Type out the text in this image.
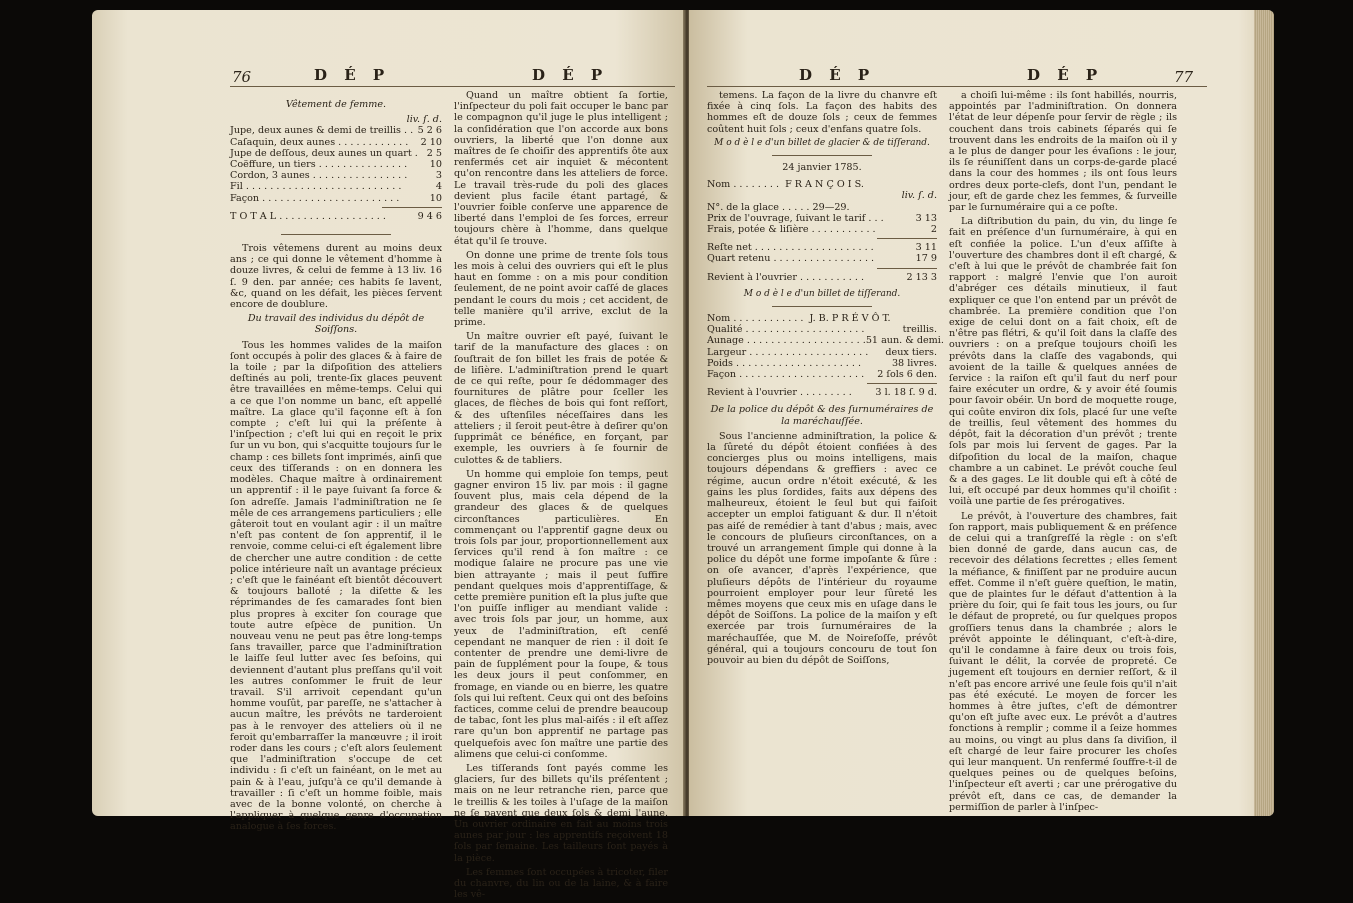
76	D É P	D É P
Vêtement de femme.
liv. ſ. d.
Jupe, deux aunes & demi de treillis . . 5 2 6
Caſaquin, deux aunes . . . . . . . . . . . .	2 10
Jupe de deſſous, deux aunes un quart . 2 5
Coëffure, un tiers . . . . . . . . . . . . . . .	10
Cordon, 3 aunes . . . . . . . . . . . . . . . .	3
Fil . . . . . . . . . . . . . . . . . . . . . . . . . .	4
Façon . . . . . . . . . . . . . . . . . . . . . . .	10
T O T A L . . . . . . . . . . . . . . . . . .	9 4 6

Trois vêtemens durent au moins deux ans ; ce qui donne le vêtement d'homme à douze livres, & celui de femme à 13 liv. 16 ſ. 9 den. par année; ces habits ſe lavent, &c, quand on les défait, les pièces ſervent encore de doublure.

Du travail des individus du dépôt de Soiſſons.

Tous les hommes valides de la maiſon ſont occupés à polir des glaces & à faire de la toile ; par la diſpoſition des atteliers deſtinés au poli, trente-ſix glaces peuvent être travaillées en même-temps. Celui qui a ce que l'on nomme un banc, eſt appellé maître. La glace qu'il façonne eſt à ſon compte ; c'eſt lui qui la préſente à l'inſpection ; c'eſt lui qui en reçoit le prix ſur un vu bon, qui s'acquitte toujours ſur le champ : ces billets ſont imprimés, ainſi que ceux des tiſſerands : on en donnera les modèles. Chaque maître à ordinairement un apprentif : il le paye ſuivant ſa force & ſon adreſſe. Jamais l'adminiſtration ne ſe mêle de ces arrangemens particuliers ; elle gâteroit tout en voulant agir : il un maître n'eſt pas content de ſon apprentif, il le renvoie, comme celui-ci eſt également libre de chercher une autre condition : de cette police intérieure naît un avantage précieux ; c'eſt que le fainéant eſt bientôt découvert & toujours balloté ; la diſette & les réprimandes de ſes camarades ſont bien plus propres à exciter ſon courage que toute autre eſpèce de punition. Un nouveau venu ne peut pas être long-temps ſans travailler, parce que l'adminiſtration le laiſſe ſeul lutter avec ſes beſoins, qui deviennent d'autant plus preſſans qu'il voit les autres conſommer le fruit de leur travail. S'il arrivoit cependant qu'un homme vouſût, par pareſſe, ne s'attacher à aucun maître, les prévôts ne tarderoient pas à le renvoyer des atteliers où il ne feroit qu'embarraſſer la manœuvre ; il iroit roder dans les cours ; c'eſt alors ſeulement que l'adminiſtration s'occupe de cet individu : ſi c'eſt un fainéant, on le met au pain & à l'eau, juſqu'à ce qu'il demande à travailler : ſi c'eſt un homme foible, mais avec de la bonne volonté, on cherche à l'appliquer à quelque genre d'occupation analogue à ſes forces.

Quand un maître obtient ſa ſortie, l'inſpecteur du poli fait occuper le banc par le compagnon qu'il juge le plus intelligent ; la conſidération que l'on accorde aux bons ouvriers, la liberté que l'on donne aux maîtres de ſe choiſir des apprentifs ôte aux renfermés cet air inquiet & mécontent qu'on rencontre dans les atteliers de force. Le travail très-rude du poli des glaces devient plus facile étant partagé, & l'ouvrier foible conſerve une apparence de liberté dans l'emploi de ſes forces, erreur toujours chère à l'homme, dans quelque état qu'il ſe trouve.

On donne une prime de trente ſols tous les mois à celui des ouvriers qui eſt le plus haut en ſomme : on a mis pour condition ſeulement, de ne point avoir caſſé de glaces pendant le cours du mois ; cet accident, de telle manière qu'il arrive, exclut de la prime.

Un maître ouvrier eſt payé, ſuivant le tarif de la manufacture des glaces : on ſouſtrait de ſon billet les frais de potée & de liſière. L'adminiſtration prend le quart de ce qui reſte, pour ſe dédommager des fournitures de plâtre pour ſceller les glaces, de flèches de bois qui font reſſort, & des uſtenſiles néceſſaires dans les atteliers ; il ſeroit peut-être à deſirer qu'on ſupprimât ce bénéfice, en forçant, par exemple, les ouvriers à ſe fournir de culottes & de tabliers.

Un homme qui emploie ſon temps, peut gagner environ 15 liv. par mois : il gagne ſouvent plus, mais cela dépend de la grandeur des glaces & de quelques circonſtances particulières. En commençant ou l'apprentif gagne deux ou trois ſols par jour, proportionnellement aux ſervices qu'il rend à ſon maître : ce modique ſalaire ne procure pas une vie bien attrayante ; mais il peut ſuffire pendant quelques mois d'apprentiſſage, & cette première punition eſt la plus juſte que l'on puiſſe infliger au mendiant valide : avec trois ſols par jour, un homme, aux yeux de l'adminiſtration, eſt cenſé cependant ne manquer de rien : il doit ſe contenter de prendre une demi-livre de pain de ſupplément pour la ſoupe, & tous les deux jours il peut conſommer, en fromage, en viande ou en bierre, les quatre ſols qui lui reſtent. Ceux qui ont des beſoins factices, comme celui de prendre beaucoup de tabac, ſont les plus mal-aiſés : il eſt aſſez rare qu'un bon apprentif ne partage pas quelquefois avec ſon maître une partie des alimens que celui-ci conſomme.

Les tiſſerands ſont payés comme les glaciers, ſur des billets qu'ils préſentent ; mais on ne leur retranche rien, parce que le treillis & les toiles à l'uſage de la maiſon ne ſe payent que deux ſols & demi l'aune. Un ouvrier ordinaire en fait au moins trois aunes par jour : les apprentifs reçoivent 18 ſols par ſemaine. Les tailleurs ſont payés à la pièce.

Les femmes ſont occupées à tricoter, filer du chanvre, du lin ou de la laine, & à faire les vê-

D É P	D É P	77

temens. La façon de la livre du chanvre eſt fixée à cinq ſols. La façon des habits des hommes eſt de douze ſols ; ceux de femmes coûtent huit ſols ; ceux d'enfans quatre ſols.

M o d è l e d'un billet de glacier & de tiſſerand.
24 janvier 1785.
Nom . . . . . . . . F R A N Ç O I S.
liv. ſ. d.
N°. de la glace . . . . . 29—29.
Prix de l'ouvrage, ſuivant le tarif . . .	3 13
Frais, potée & liſière . . . . . . . . . . .	2
Reſte net . . . . . . . . . . . . . . . . . . . .	3 11
Quart retenu . . . . . . . . . . . . . . . . .	17 9
Revient à l'ouvrier . . . . . . . . . . .	2 13 3
M o d è l e d'un billet de tiſſerand.
Nom . . . . . . . . . . . . J. B. P R É V Ô T.
Qualité . . . . . . . . . . . . . . . . . . . .	treillis.
Aunage . . . . . . . . . . . . . . . . . . . . 51 aun. & demi.
Largeur . . . . . . . . . . . . . . . . . . . .	deux tiers.
Poids . . . . . . . . . . . . . . . . . . . . .	38 livres.
Façon . . . . . . . . . . . . . . . . . . . . .	2 ſols 6 den.
Revient à l'ouvrier . . . . . . . . .	3 l. 18 ſ. 9 d.
De la police du dépôt & des ſurnuméraires de la maréchauſſée.

Sous l'ancienne adminiſtration, la police & la ſûreté du dépôt étoient confiées à des concierges plus ou moins intelligens, mais toujours dépendans & greffiers : avec ce régime, aucun ordre n'étoit exécuté, & les gains les plus ſordides, faits aux dépens des malheureux, étoient le ſeul but qui faiſoit accepter un emploi fatiguant & dur. Il n'étoit pas aiſé de remédier à tant d'abus ; mais, avec le concours de pluſieurs circonſtances, on a trouvé un arrangement ſimple qui donne à la police du dépôt une forme impoſante & ſûre : on oſe avancer, d'après l'expérience, que pluſieurs dépôts de l'intérieur du royaume pourroient employer pour leur ſûreté les mêmes moyens que ceux mis en uſage dans le dépôt de Soiſſons. La police de la maiſon y eſt exercée par trois ſurnuméraires de la maréchauſſée, que M. de Noireſoſſe, prévôt général, qui a toujours concouru de tout ſon pouvoir au bien du dépôt de Soiſſons,

a choiſi lui-même : ils ſont habillés, nourris, appointés par l'adminiſtration. On donnera l'état de leur dépenſe pour ſervir de règle ; ils couchent dans trois cabinets ſéparés qui ſe trouvent dans les endroits de la maiſon où il y a le plus de danger pour les évaſions : le jour, ils ſe réuniſſent dans un corps-de-garde placé dans la cour des hommes ; ils ont ſous leurs ordres deux porte-clefs, dont l'un, pendant le jour, eſt de garde chez les femmes, & ſurveille par le ſurnuméraire qui a ce poſte.

La diſtribution du pain, du vin, du linge ſe fait en préſence d'un ſurnuméraire, à qui en eſt confiée la police. L'un d'eux aſſiſte à l'ouverture des chambres dont il eſt chargé, & c'eſt à lui que le prévôt de chambrée fait ſon rapport : malgré l'envie que l'on auroit d'abréger ces détails minutieux, il faut expliquer ce que l'on entend par un prévôt de chambrée. La première condition que l'on exige de celui dont on a fait choix, eſt de n'être pas flétri, & qu'il ſoit dans la claſſe des ouvriers : on a preſque toujours choiſi les prévôts dans la claſſe des vagabonds, qui avoient de la taille & quelques années de ſervice : la raiſon eſt qu'il faut du nerf pour faire exécuter un ordre, & y avoir été ſoumis pour ſavoir obéir. Un bord de moquette rouge, qui coûte environ dix ſols, placé ſur une veſte de treillis, ſeul vêtement des hommes du dépôt, fait la décoration d'un prévôt ; trente ſols par mois lui ſervent de gages. Par la diſpoſition du local de la maiſon, chaque chambre a un cabinet. Le prévôt couche ſeul & a des gages. Le lit double qui eſt à côté de lui, eſt occupé par deux hommes qu'il choiſit : voilà une partie de ſes prérogatives.

Le prévôt, à l'ouverture des chambres, fait ſon rapport, mais publiquement & en préſence de celui qui a tranſgreſſé la règle : on s'eſt bien donné de garde, dans aucun cas, de recevoir des délations ſecrettes ; elles ſement la méfiance, & finiſſent par ne produire aucun effet. Comme il n'eſt guère queſtion, le matin, que de plaintes ſur le défaut d'attention à la prière du ſoir, qui ſe fait tous les jours, ou ſur le défaut de propreté, ou ſur quelques propos groſſiers tenus dans la chambrée ; alors le prévôt appointe le délinquant, c'eſt-à-dire, qu'il le condamne à faire deux ou trois fois, ſuivant le délit, la corvée de propreté. Ce jugement eſt toujours en dernier reſſort, & il n'eſt pas encore arrivé une ſeule fois qu'il n'ait pas été exécuté. Le moyen de forcer les hommes à être juſtes, c'eſt de démontrer qu'on eſt juſte avec eux. Le prévôt a d'autres fonctions à remplir ; comme il a ſeize hommes au moins, ou vingt au plus dans ſa diviſion, il eſt chargé de leur faire procurer les choſes qui leur manquent. Un renfermé ſouffre-t-il de quelques peines ou de quelques beſoins, l'inſpecteur eſt averti ; car une prérogative du prévôt eſt, dans ce cas, de demander la permiſſion de parler à l'inſpec-
